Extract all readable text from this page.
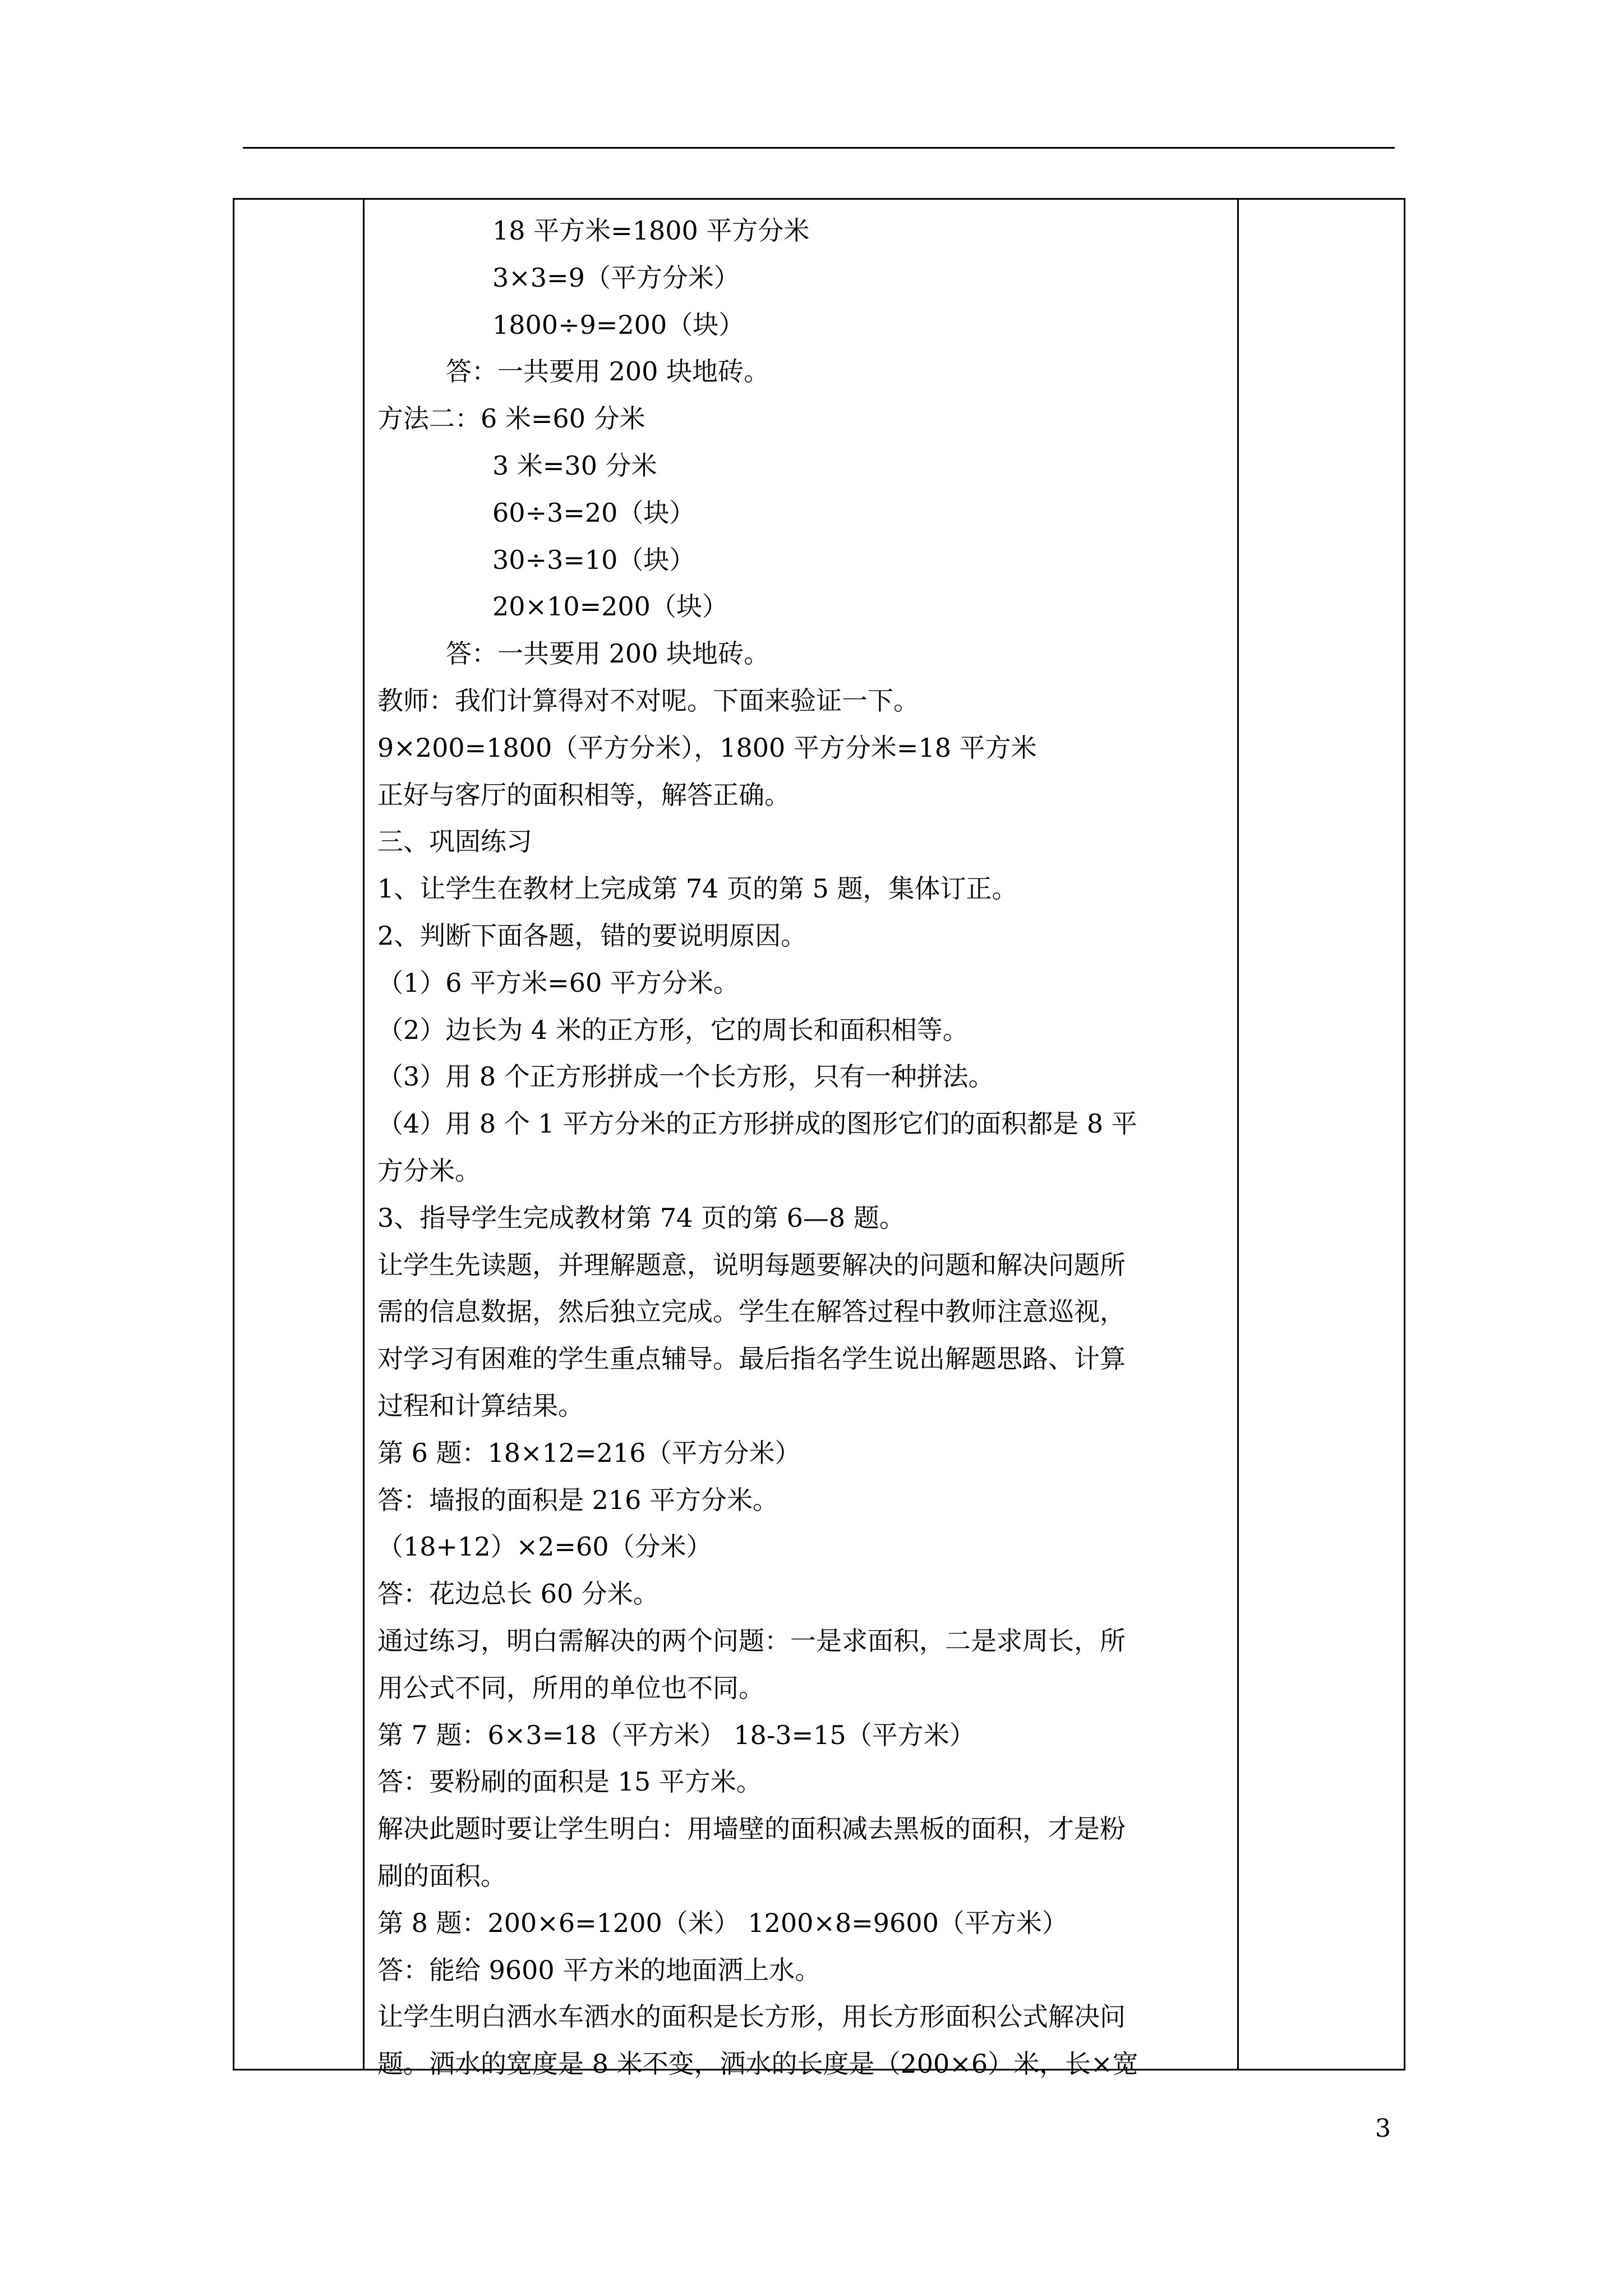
18 平方米=1800 平方分米
3×3=9（平方分米）
1800÷9=200（块）
答：一共要用 200 块地砖。
方法二：6 米=60 分米
3 米=30 分米
60÷3=20（块）
30÷3=10（块）
20×10=200（块）
答：一共要用 200 块地砖。
教师：我们计算得对不对呢。下面来验证一下。
9×200=1800（平方分米），1800 平方分米=18 平方米
正好与客厅的面积相等，解答正确。
三、巩固练习
1、让学生在教材上完成第 74 页的第 5 题，集体订正。
2、判断下面各题，错的要说明原因。
（1）6 平方米=60 平方分米。
（2）边长为 4 米的正方形，它的周长和面积相等。
（3）用 8 个正方形拼成一个长方形，只有一种拼法。
（4）用 8 个 1 平方分米的正方形拼成的图形它们的面积都是 8 平
方分米。
3、指导学生完成教材第 74 页的第 6—8 题。
让学生先读题，并理解题意，说明每题要解决的问题和解决问题所
需的信息数据，然后独立完成。学生在解答过程中教师注意巡视，
对学习有困难的学生重点辅导。最后指名学生说出解题思路、计算
过程和计算结果。
第 6 题：18×12=216（平方分米）
答：墙报的面积是 216 平方分米。
（18+12）×2=60（分米）
答：花边总长 60 分米。
通过练习，明白需解决的两个问题：一是求面积，二是求周长，所
用公式不同，所用的单位也不同。
第 7 题：6×3=18（平方米） 18-3=15（平方米）
答：要粉刷的面积是 15 平方米。
解决此题时要让学生明白：用墙壁的面积减去黑板的面积，才是粉
刷的面积。
第 8 题：200×6=1200（米） 1200×8=9600（平方米）
答：能给 9600 平方米的地面洒上水。
让学生明白洒水车洒水的面积是长方形，用长方形面积公式解决问
题。洒水的宽度是 8 米不变，洒水的长度是（200×6）米，长×宽
3
